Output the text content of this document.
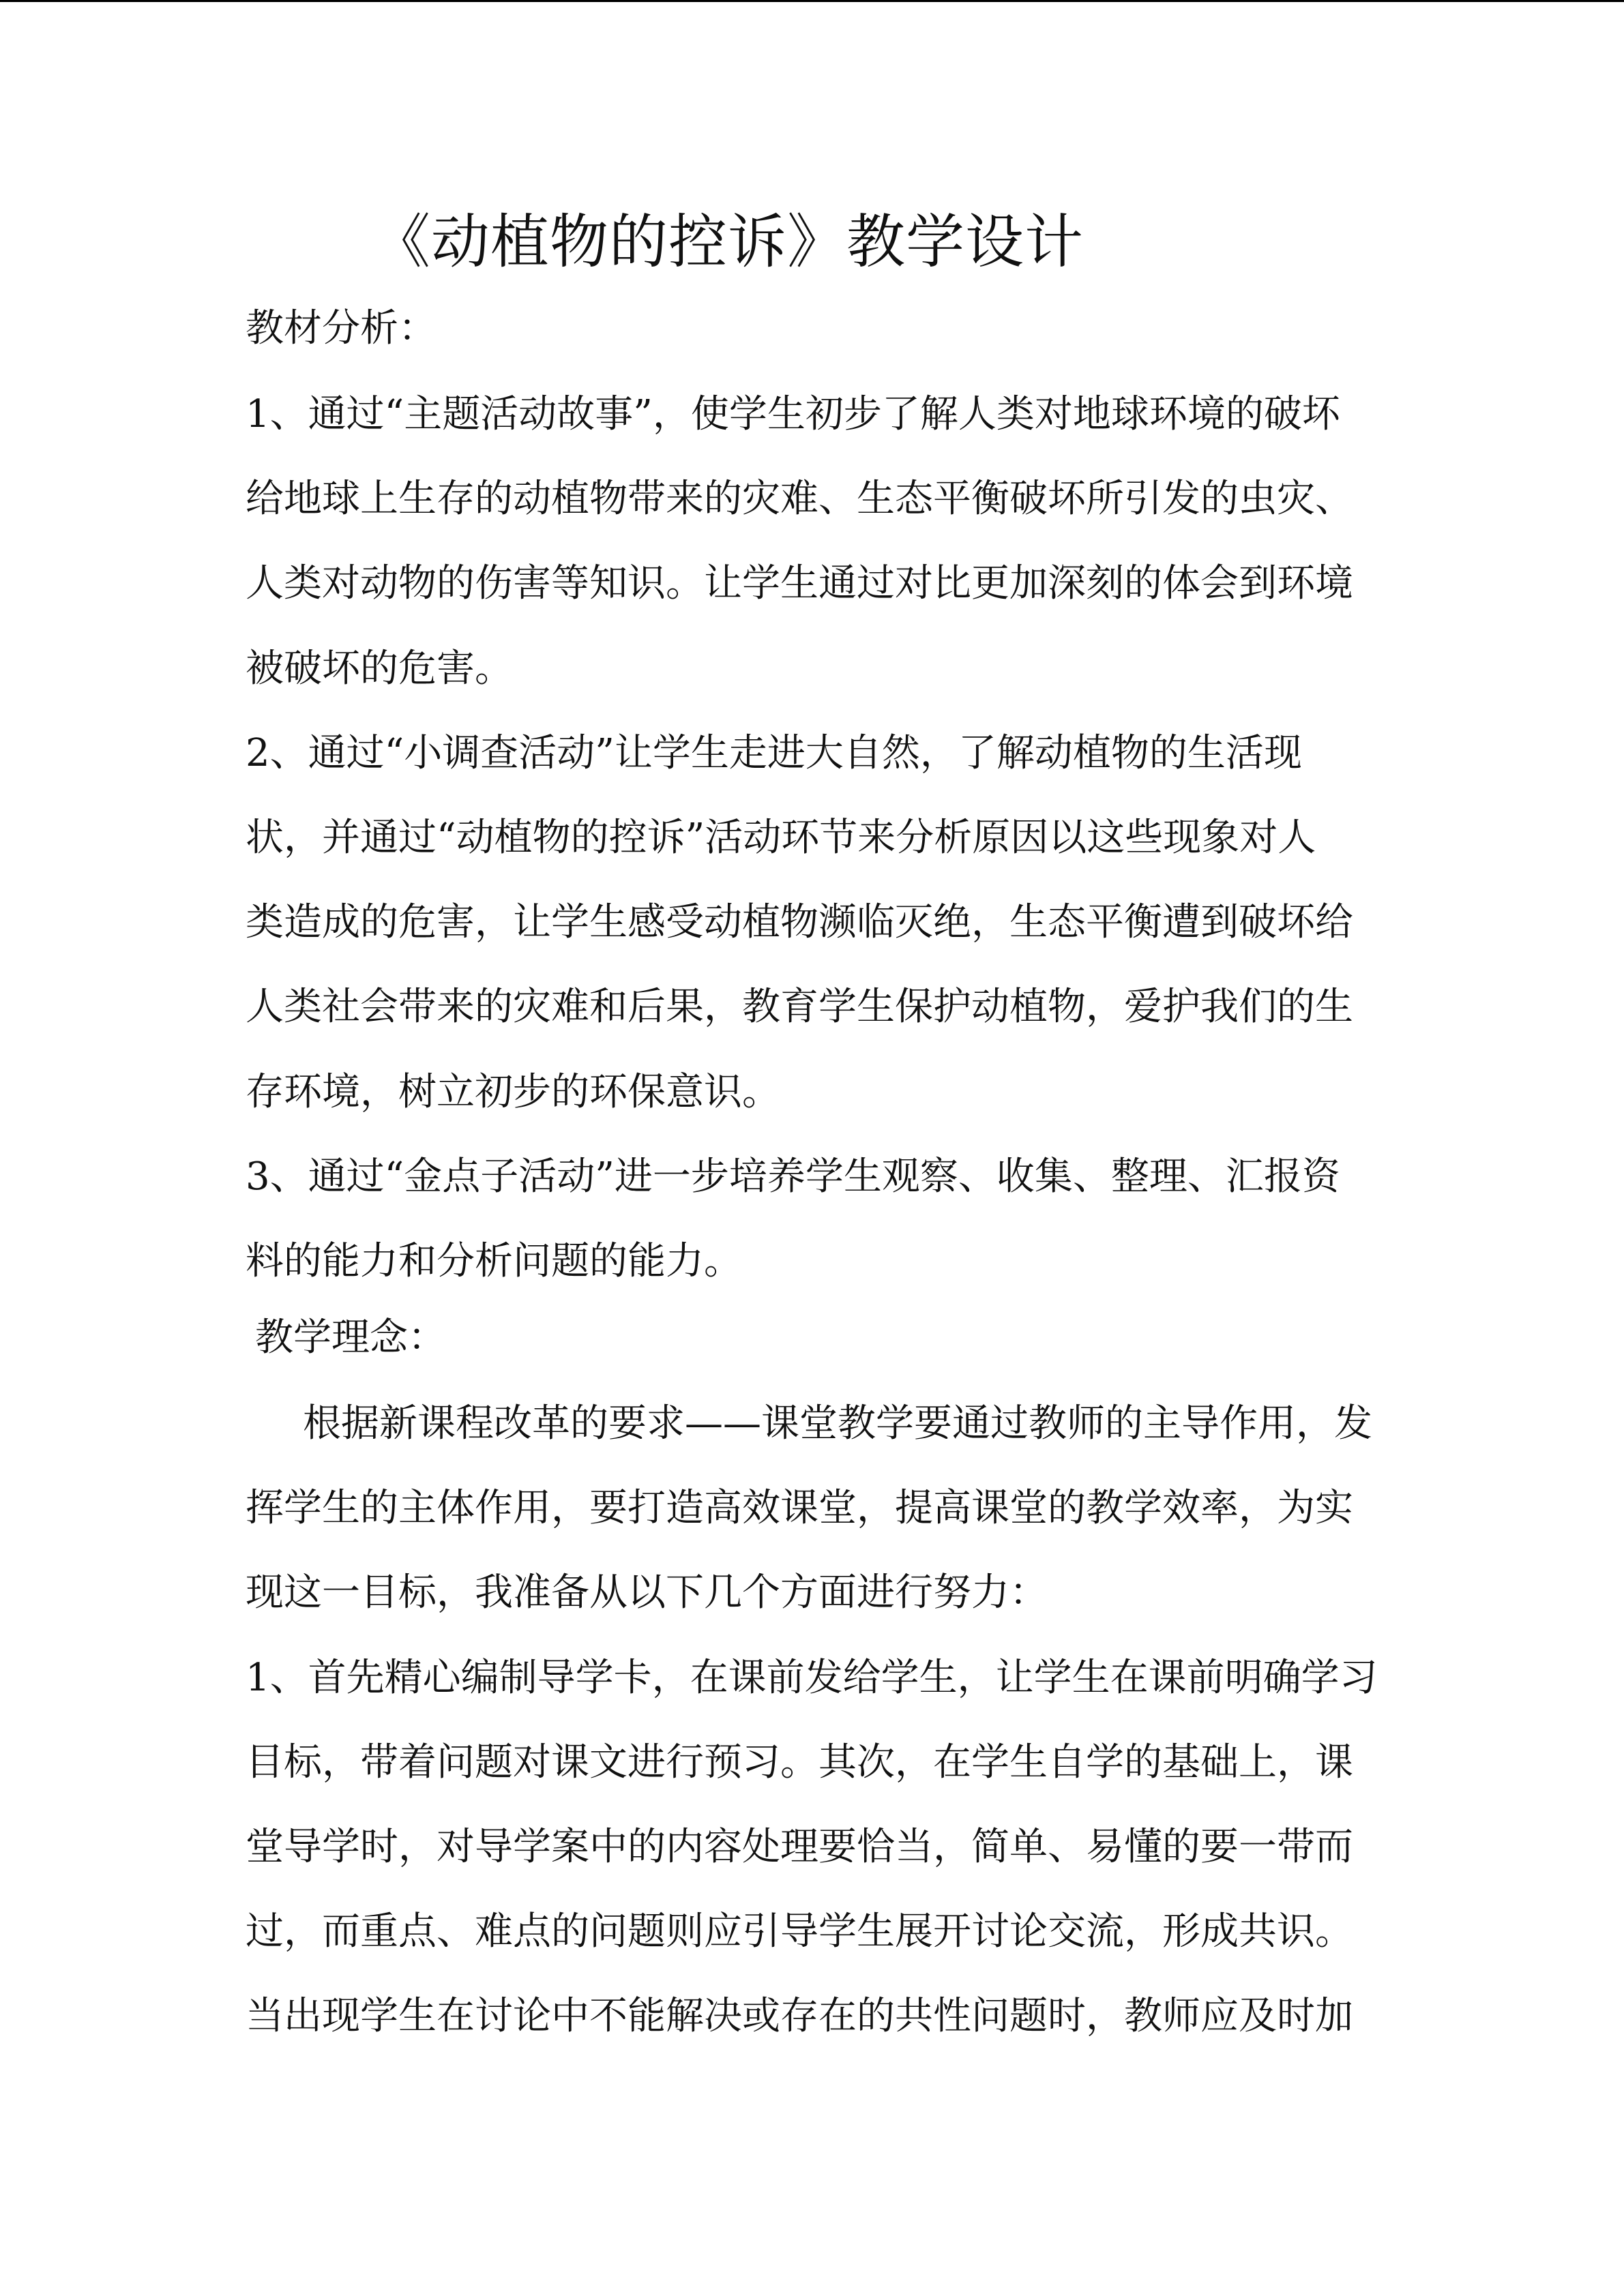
《动植物的控诉》教学设计
教材分析：
1、通过“主题活动故事”，使学生初步了解人类对地球环境的破坏
给地球上生存的动植物带来的灾难、生态平衡破坏所引发的虫灾、
人类对动物的伤害等知识。让学生通过对比更加深刻的体会到环境
被破坏的危害。
2、通过“小调查活动”让学生走进大自然，了解动植物的生活现
状，并通过“动植物的控诉”活动环节来分析原因以这些现象对人
类造成的危害，让学生感受动植物濒临灭绝，生态平衡遭到破坏给
人类社会带来的灾难和后果，教育学生保护动植物，爱护我们的生
存环境，树立初步的环保意识。
3、通过“金点子活动”进一步培养学生观察、收集、整理、汇报资
料的能力和分析问题的能力。
教学理念：
根据新课程改革的要求——课堂教学要通过教师的主导作用，发
挥学生的主体作用，要打造高效课堂，提高课堂的教学效率，为实
现这一目标，我准备从以下几个方面进行努力：
1、首先精心编制导学卡，在课前发给学生，让学生在课前明确学习
目标，带着问题对课文进行预习。其次，在学生自学的基础上，课
堂导学时，对导学案中的内容处理要恰当，简单、易懂的要一带而
过，而重点、难点的问题则应引导学生展开讨论交流，形成共识。
当出现学生在讨论中不能解决或存在的共性问题时，教师应及时加
